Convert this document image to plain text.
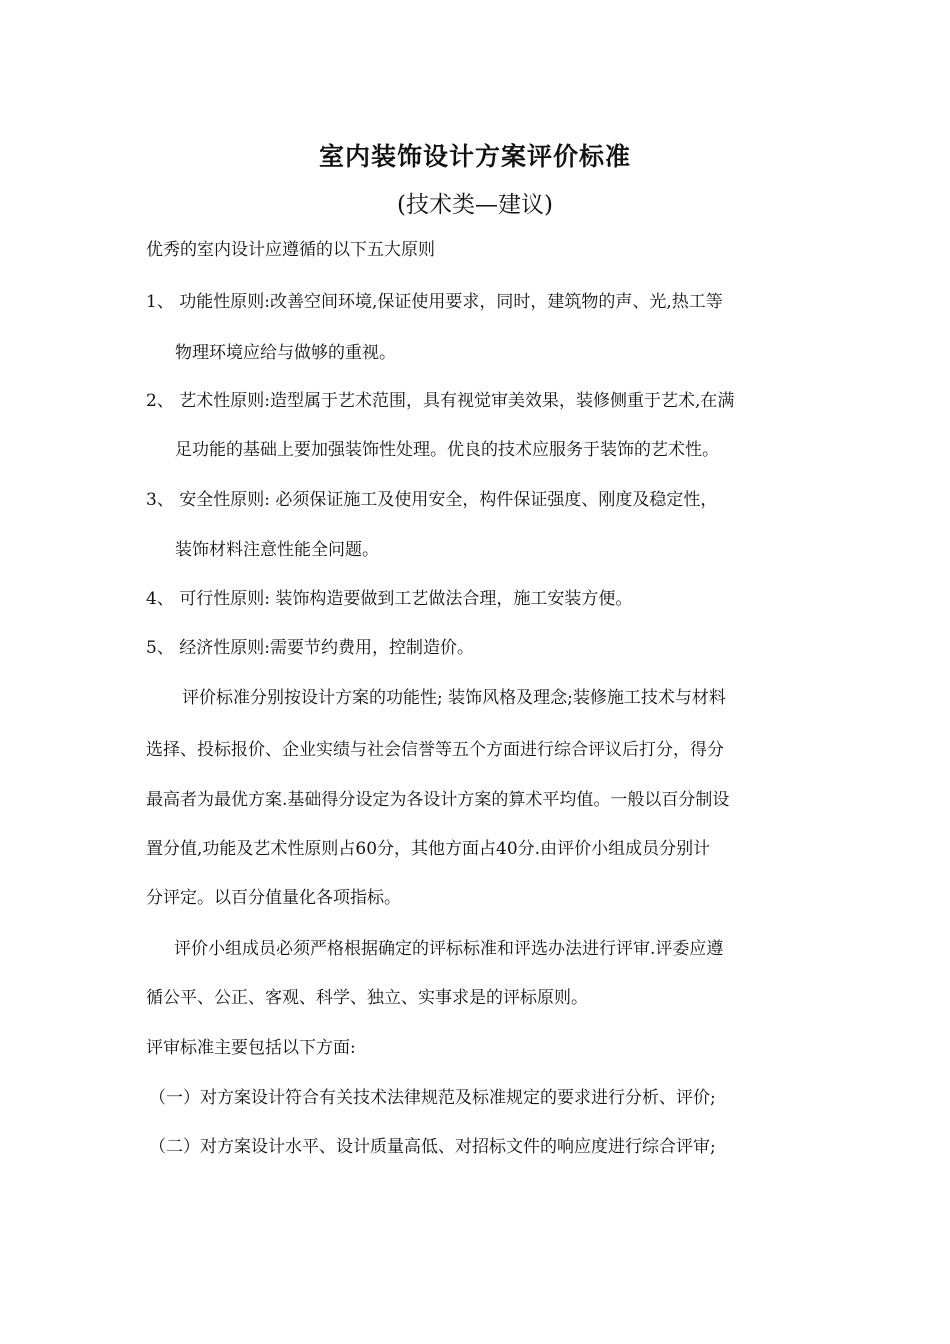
室内装饰设计方案评价标准
(技术类—建议)
优秀的室内设计应遵循的以下五大原则
1、 功能性原则:改善空间环境,保证使用要求，同时，建筑物的声、光,热工等
物理环境应给与做够的重视。
2、 艺术性原则:造型属于艺术范围，具有视觉审美效果，装修侧重于艺术,在满
足功能的基础上要加强装饰性处理。优良的技术应服务于装饰的艺术性。
3、 安全性原则: 必须保证施工及使用安全，构件保证强度、刚度及稳定性，
装饰材料注意性能全问题。
4、 可行性原则: 装饰构造要做到工艺做法合理，施工安装方便。
5、 经济性原则:需要节约费用，控制造价。
评价标准分别按设计方案的功能性; 装饰风格及理念;装修施工技术与材料
选择、投标报价、企业实绩与社会信誉等五个方面进行综合评议后打分，得分
最高者为最优方案.基础得分设定为各设计方案的算术平均值。一般以百分制设
置分值,功能及艺术性原则占60分，其他方面占40分.由评价小组成员分别计
分评定。以百分值量化各项指标。
评价小组成员必须严格根据确定的评标标准和评选办法进行评审.评委应遵
循公平、公正、客观、科学、独立、实事求是的评标原则。
评审标准主要包括以下方面:
（一）对方案设计符合有关技术法律规范及标准规定的要求进行分析、评价;
（二）对方案设计水平、设计质量高低、对招标文件的响应度进行综合评审;
